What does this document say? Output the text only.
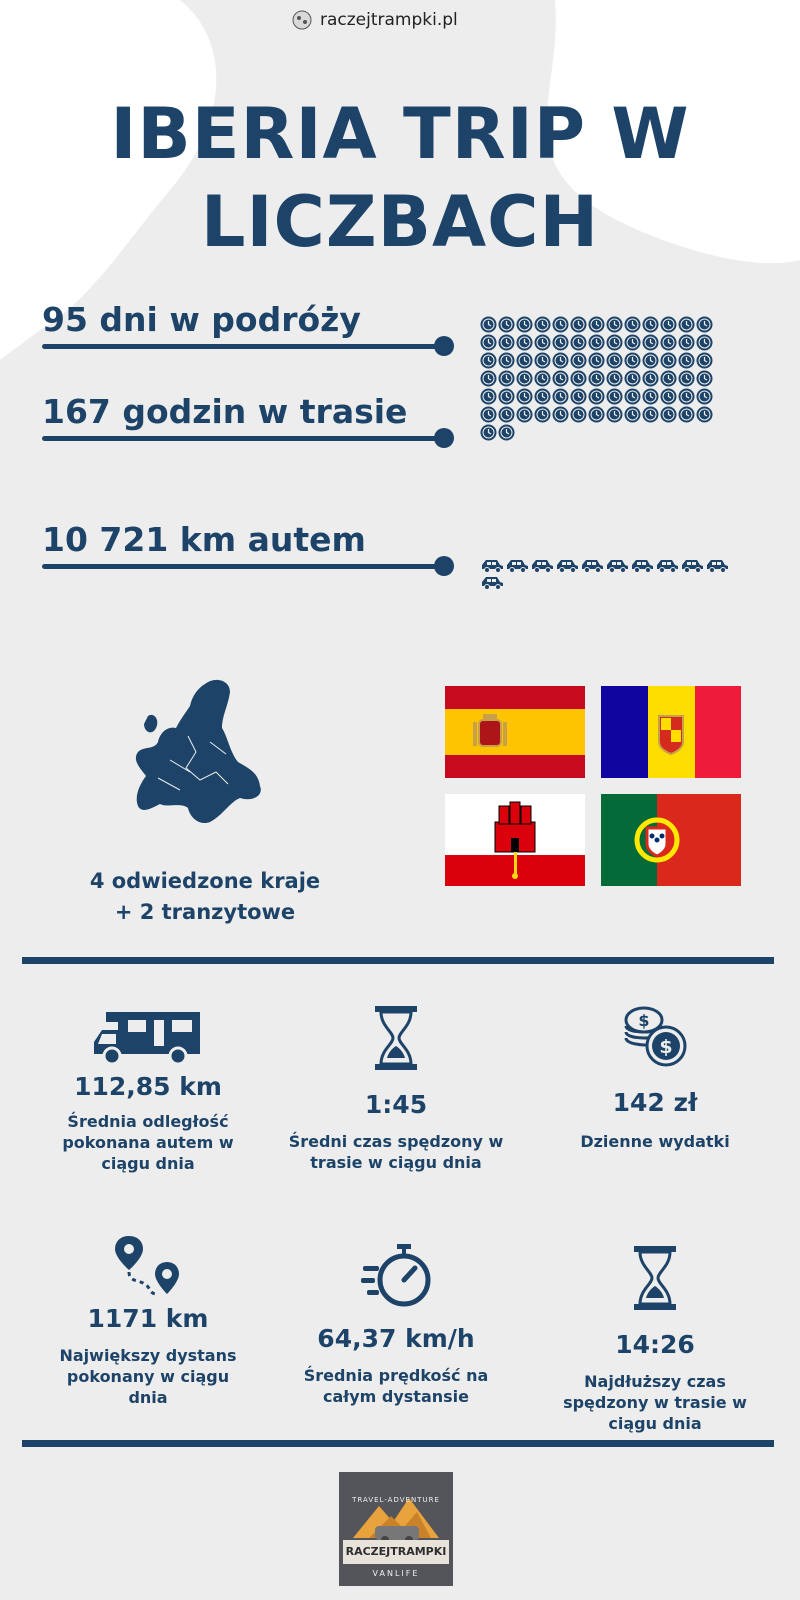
raczejtrampki.pl
IBERIA TRIP W
LICZBACH
95 dni w podróży
167 godzin w trasie
10 721 km autem
4 odwiedzone kraje
+ 2 tranzytowe
112,85 km
Średnia odległość pokonana autem w ciągu dnia
1:45
Średni czas spędzony w trasie w ciągu dnia
$
$
142 zł
Dzienne wydatki
1171 km
Największy dystans pokonany w ciągu dnia
64,37 km/h
Średnia prędkość na całym dystansie
14:26
Najdłuższy czas spędzony w trasie w ciągu dnia
TRAVEL-ADVENTURE
RACZEJTRAMPKI
VANLIFE
